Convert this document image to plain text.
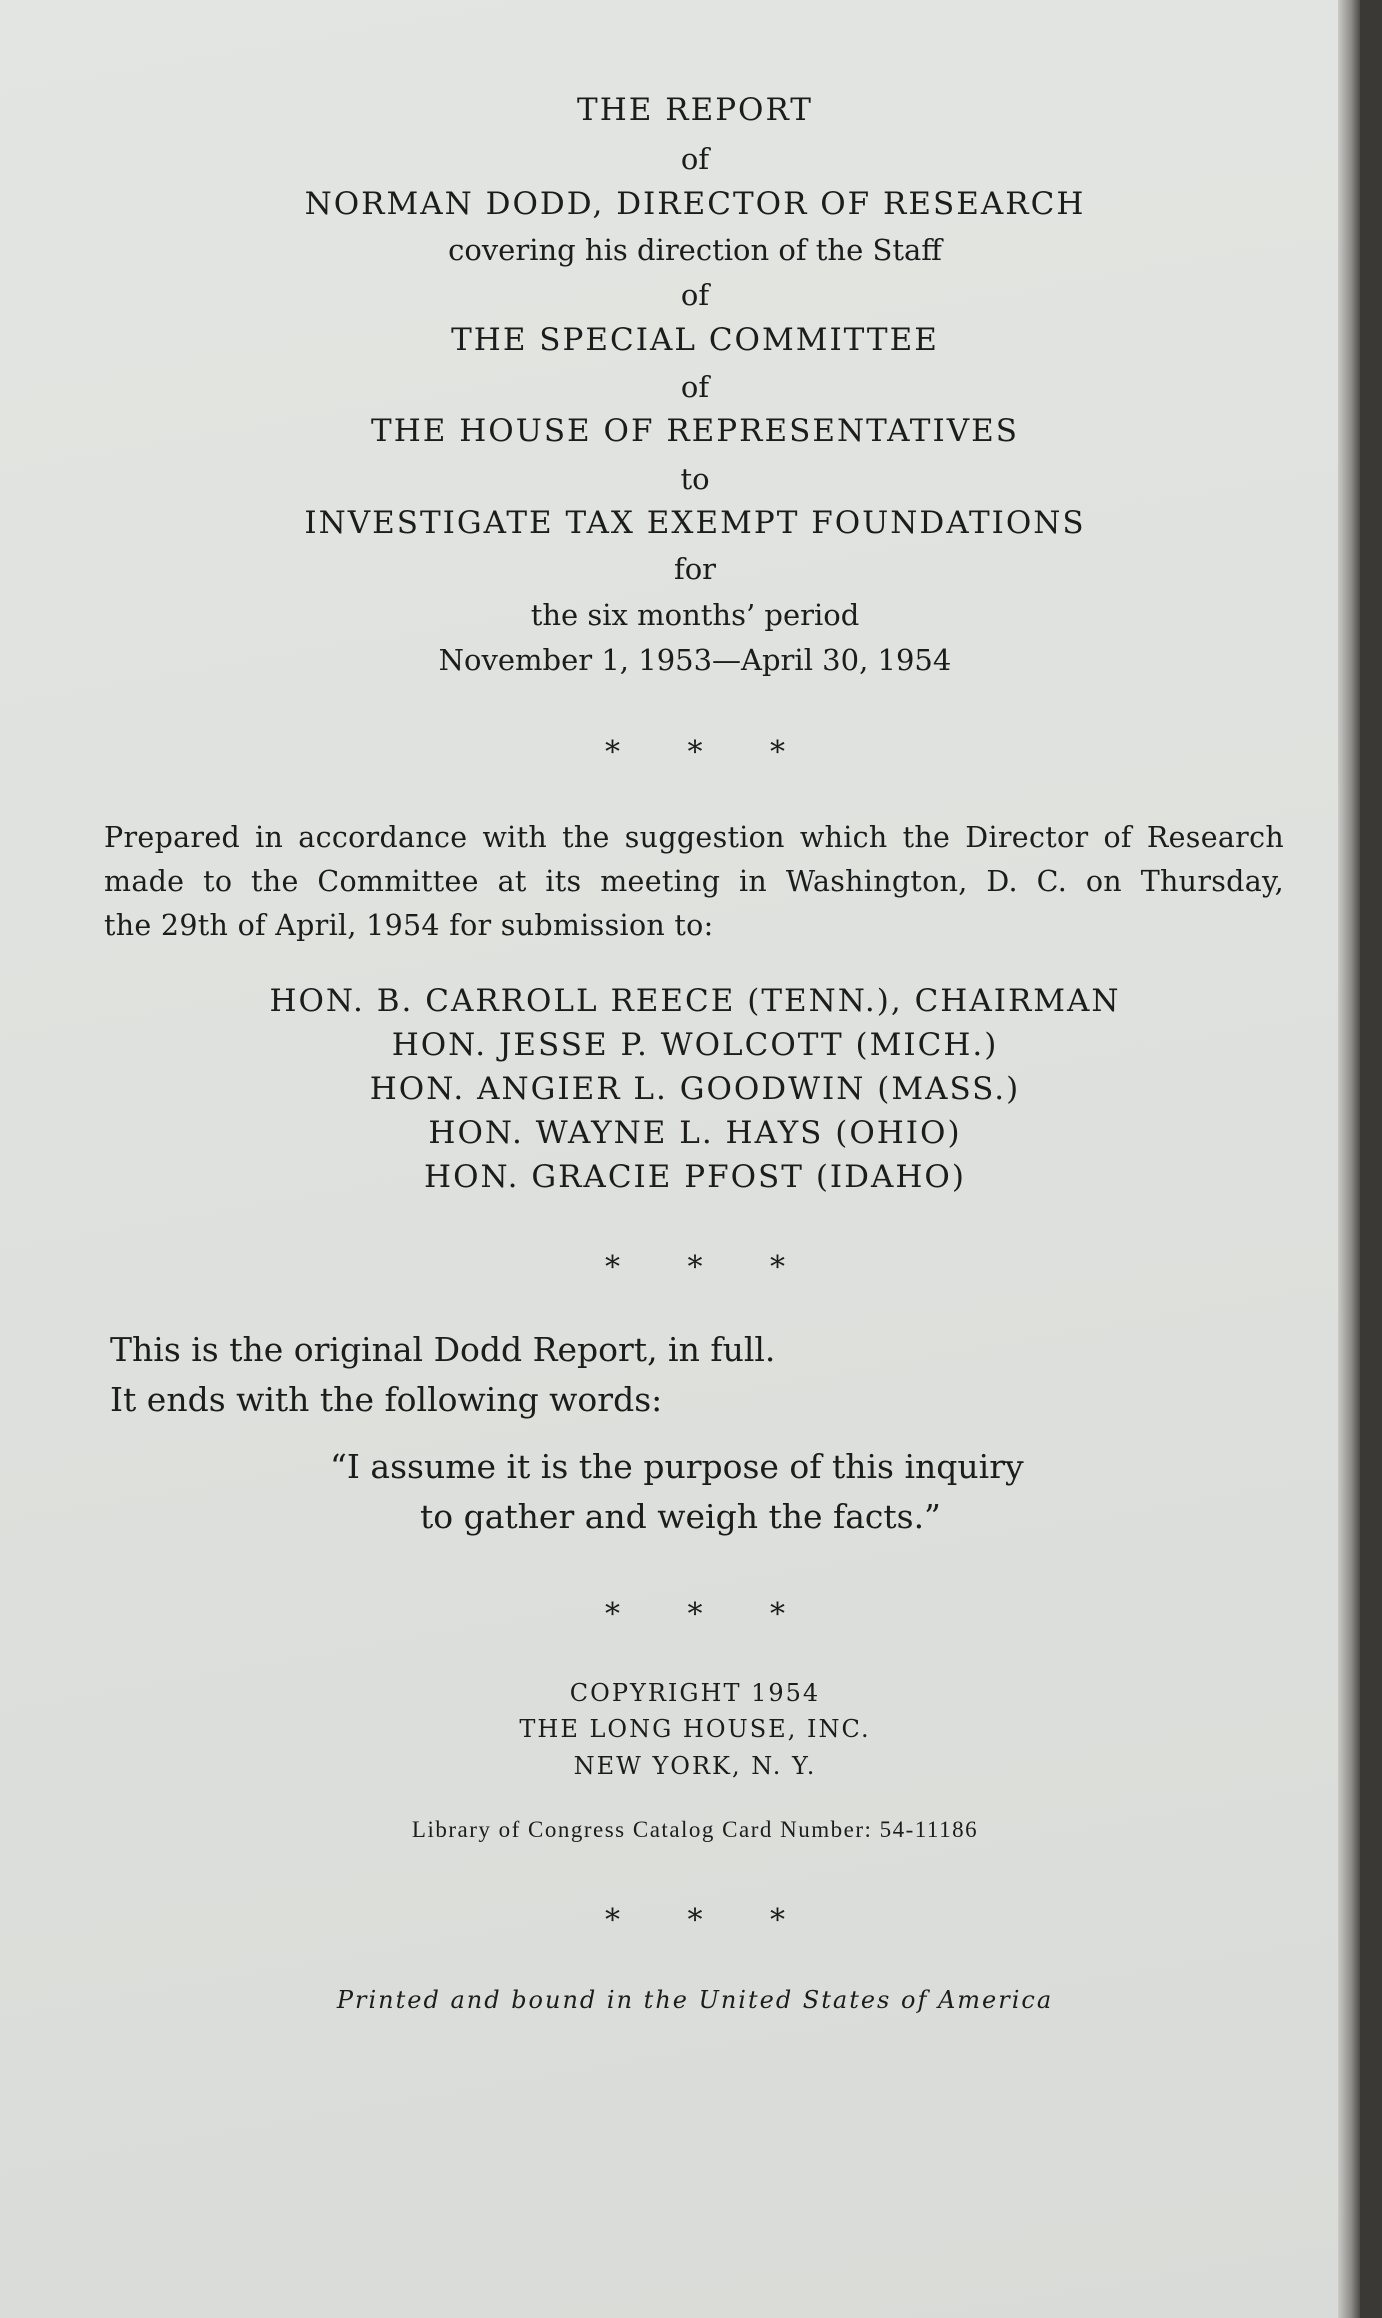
THE REPORT
of
NORMAN DODD, DIRECTOR OF RESEARCH
covering his direction of the Staff
of
THE SPECIAL COMMITTEE
of
THE HOUSE OF REPRESENTATIVES
to
INVESTIGATE TAX EXEMPT FOUNDATIONS
for
the six months’ period
November 1, 1953—April 30, 1954
* * *
Prepared in accordance with the suggestion which the Director of Research
made to the Committee at its meeting in Washington, D. C. on Thursday,
the 29th of April, 1954 for submission to:
HON. B. CARROLL REECE (TENN.), CHAIRMAN
HON. JESSE P. WOLCOTT (MICH.)
HON. ANGIER L. GOODWIN (MASS.)
HON. WAYNE L. HAYS (OHIO)
HON. GRACIE PFOST (IDAHO)
* * *
This is the original Dodd Report, in full.
It ends with the following words:
“I assume it is the purpose of this inquiry
to gather and weigh the facts.”
* * *
COPYRIGHT 1954
THE LONG HOUSE, INC.
NEW YORK, N. Y.
Library of Congress Catalog Card Number: 54-11186
* * *
Printed and bound in the United States of America
